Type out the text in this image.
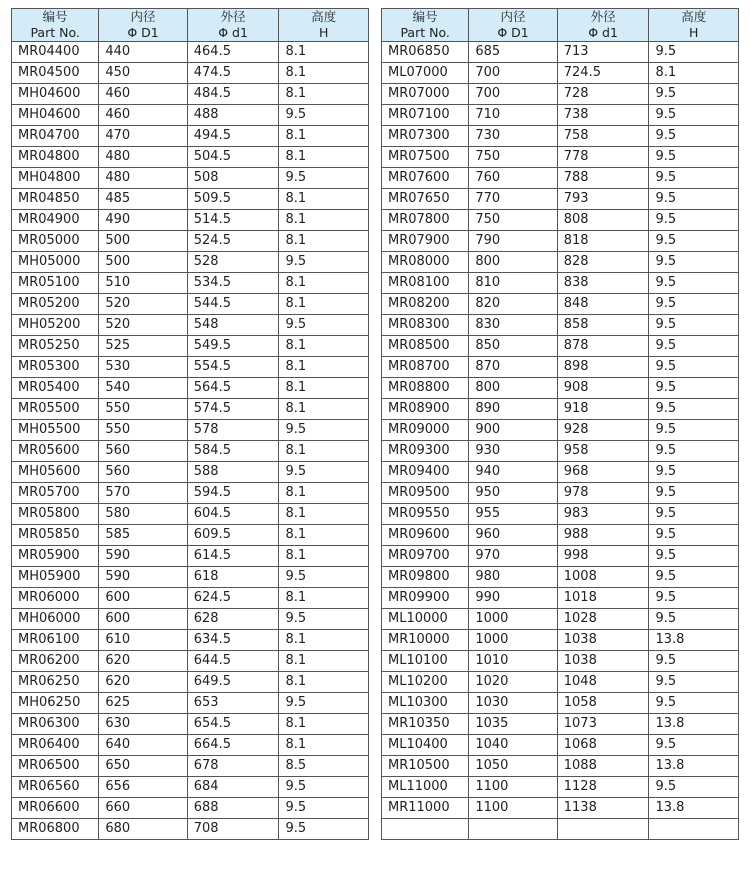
编号	内径	外径	高度
Part No.	Φ D1	Φ d1	H
MR04400	440	464.5	8.1
MR04500	450	474.5	8.1
MH04600	460	484.5	8.1
MH04600	460	488	9.5
MR04700	470	494.5	8.1
MR04800	480	504.5	8.1
MH04800	480	508	9.5
MR04850	485	509.5	8.1
MR04900	490	514.5	8.1
MR05000	500	524.5	8.1
MH05000	500	528	9.5
MR05100	510	534.5	8.1
MR05200	520	544.5	8.1
MH05200	520	548	9.5
MR05250	525	549.5	8.1
MR05300	530	554.5	8.1
MR05400	540	564.5	8.1
MR05500	550	574.5	8.1
MH05500	550	578	9.5
MR05600	560	584.5	8.1
MH05600	560	588	9.5
MR05700	570	594.5	8.1
MR05800	580	604.5	8.1
MR05850	585	609.5	8.1
MR05900	590	614.5	8.1
MH05900	590	618	9.5
MR06000	600	624.5	8.1
MH06000	600	628	9.5
MR06100	610	634.5	8.1
MR06200	620	644.5	8.1
MR06250	620	649.5	8.1
MH06250	625	653	9.5
MR06300	630	654.5	8.1
MR06400	640	664.5	8.1
MR06500	650	678	8.5
MR06560	656	684	9.5
MR06600	660	688	9.5
MR06800	680	708	9.5
编号	内径	外径	高度
Part No.	Φ D1	Φ d1	H
MR06850	685	713	9.5
ML07000	700	724.5	8.1
MR07000	700	728	9.5
MR07100	710	738	9.5
MR07300	730	758	9.5
MR07500	750	778	9.5
MR07600	760	788	9.5
MR07650	770	793	9.5
MR07800	750	808	9.5
MR07900	790	818	9.5
MR08000	800	828	9.5
MR08100	810	838	9.5
MR08200	820	848	9.5
MR08300	830	858	9.5
MR08500	850	878	9.5
MR08700	870	898	9.5
MR08800	800	908	9.5
MR08900	890	918	9.5
MR09000	900	928	9.5
MR09300	930	958	9.5
MR09400	940	968	9.5
MR09500	950	978	9.5
MR09550	955	983	9.5
MR09600	960	988	9.5
MR09700	970	998	9.5
MR09800	980	1008	9.5
MR09900	990	1018	9.5
ML10000	1000	1028	9.5
MR10000	1000	1038	13.8
ML10100	1010	1038	9.5
ML10200	1020	1048	9.5
ML10300	1030	1058	9.5
MR10350	1035	1073	13.8
ML10400	1040	1068	9.5
MR10500	1050	1088	13.8
ML11000	1100	1128	9.5
MR11000	1100	1138	13.8
